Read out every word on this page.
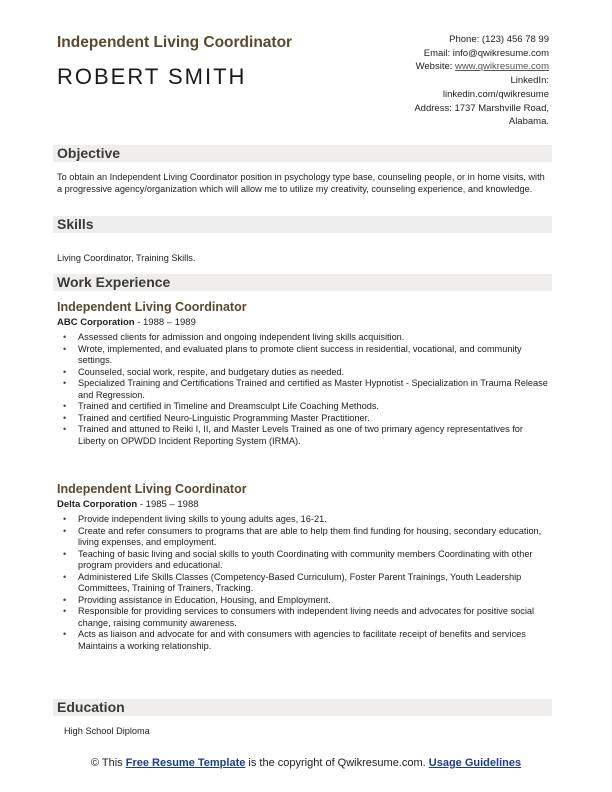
Independent Living Coordinator
ROBERT SMITH
Phone: (123) 456 78 99
Email: info@qwikresume.com
Website: www.qwikresume.com
LinkedIn:
linkedin.com/qwikresume
Address: 1737 Marshville Road,
Alabama.
Objective

To obtain an Independent Living Coordinator position in psychology type base, counseling people, or in home visits, with a progressive agency/organization which will allow me to utilize my creativity, counseling experience, and knowledge.

Skills

Living Coordinator, Training Skills.

Work Experience
Independent Living Coordinator
ABC Corporation - 1988 – 1989
• Assessed clients for admission and ongoing independent living skills acquisition.
• Wrote, implemented, and evaluated plans to promote client success in residential, vocational, and community settings.
• Counseled, social work, respite, and budgetary duties as needed.
• Specialized Training and Certifications Trained and certified as Master Hypnotist - Specialization in Trauma Release and Regression.
• Trained and certified in Timeline and Dreamsculpt Life Coaching Methods.
• Trained and certified Neuro-Linguistic Programming Master Practitioner.
• Trained and attuned to Reiki I, II, and Master Levels Trained as one of two primary agency representatives for Liberty on OPWDD Incident Reporting System (IRMA).
Independent Living Coordinator
Delta Corporation - 1985 – 1988
• Provide independent living skills to young adults ages, 16-21.
• Create and refer consumers to programs that are able to help them find funding for housing, secondary education, living expenses, and employment.
• Teaching of basic living and social skills to youth Coordinating with community members Coordinating with other program providers and educational.
• Administered Life Skills Classes (Competency-Based Curriculum), Foster Parent Trainings, Youth Leadership Committees, Training of Trainers, Tracking.
• Providing assistance in Education, Housing, and Employment.
• Responsible for providing services to consumers with independent living needs and advocates for positive social change, raising community awareness.
• Acts as liaison and advocate for and with consumers with agencies to facilitate receipt of benefits and services Maintains a working relationship.
Education

High School Diploma

© This Free Resume Template is the copyright of Qwikresume.com. Usage Guidelines
